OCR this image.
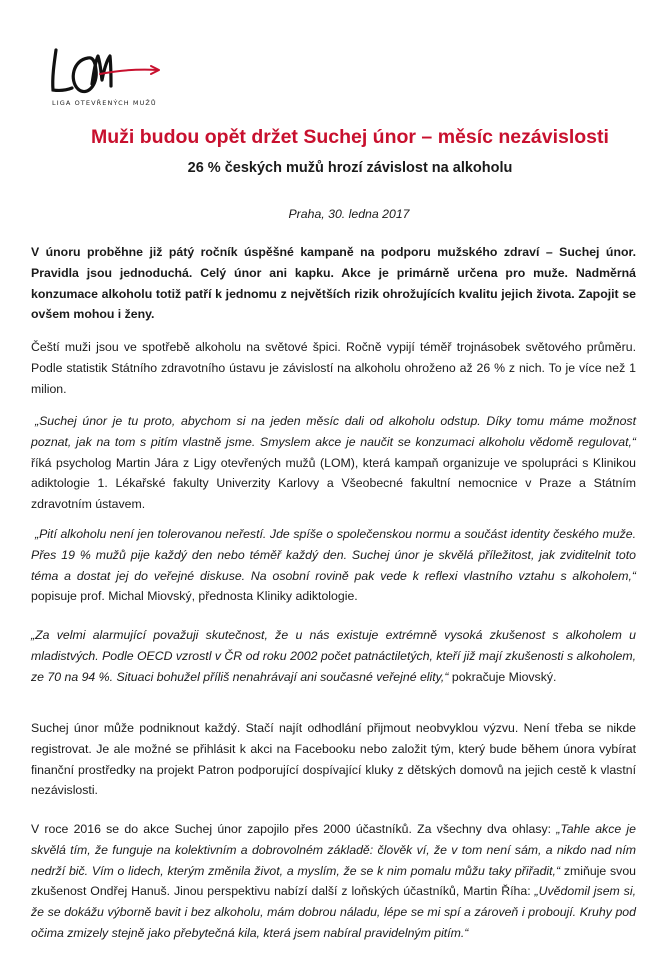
LIGA OTEVŘENÝCH MUŽŮ
Muži budou opět držet Suchej únor – měsíc nezávislosti
26 % českých mužů hrozí závislost na alkoholu
Praha, 30. ledna 2017

V únoru proběhne již pátý ročník úspěšné kampaně na podporu mužského zdraví – Suchej únor. Pravidla jsou jednoduchá. Celý únor ani kapku. Akce je primárně určena pro muže. Nadměrná konzumace alkoholu totiž patří k jednomu z největších rizik ohrožujících kvalitu jejich života. Zapojit se ovšem mohou i ženy.

Čeští muži jsou ve spotřebě alkoholu na světové špici. Ročně vypijí téměř trojnásobek světového průměru. Podle statistik Státního zdravotního ústavu je závislostí na alkoholu ohroženo až 26 % z nich. To je více než 1 milion.

„Suchej únor je tu proto, abychom si na jeden měsíc dali od alkoholu odstup. Díky tomu máme možnost poznat, jak na tom s pitím vlastně jsme. Smyslem akce je naučit se konzumaci alkoholu vědomě regulovat,“ říká psycholog Martin Jára z Ligy otevřených mužů (LOM), která kampaň organizuje ve spolupráci s Klinikou adiktologie 1. Lékařské fakulty Univerzity Karlovy a Všeobecné fakultní nemocnice v Praze a Státním zdravotním ústavem.

„Pití alkoholu není jen tolerovanou neřestí. Jde spíše o společenskou normu a součást identity českého muže. Přes 19 % mužů pije každý den nebo téměř každý den. Suchej únor je skvělá příležitost, jak zviditelnit toto téma a dostat jej do veřejné diskuse. Na osobní rovině pak vede k reflexi vlastního vztahu s alkoholem,“ popisuje prof. Michal Miovský, přednosta Kliniky adiktologie.

„Za velmi alarmující považuji skutečnost, že u nás existuje extrémně vysoká zkušenost s alkoholem u mladistvých. Podle OECD vzrostl v ČR od roku 2002 počet patnáctiletých, kteří již mají zkušenosti s alkoholem, ze 70 na 94 %. Situaci bohužel příliš nenahrávají ani současné veřejné elity,“ pokračuje Miovský.

Suchej únor může podniknout každý. Stačí najít odhodlání přijmout neobvyklou výzvu. Není třeba se nikde registrovat. Je ale možné se přihlásit k akci na Facebooku nebo založit tým, který bude během února vybírat finanční prostředky na projekt Patron podporující dospívající kluky z dětských domovů na jejich cestě k vlastní nezávislosti.

V roce 2016 se do akce Suchej únor zapojilo přes 2000 účastníků. Za všechny dva ohlasy: „Tahle akce je skvělá tím, že funguje na kolektivním a dobrovolném základě: člověk ví, že v tom není sám, a nikdo nad ním nedrží bič. Vím o lidech, kterým změnila život, a myslím, že se k nim pomalu můžu taky přiřadit,“ zmiňuje svou zkušenost Ondřej Hanuš. Jinou perspektivu nabízí další z loňských účastníků, Martin Říha: „Uvědomil jsem si, že se dokážu výborně bavit i bez alkoholu, mám dobrou náladu, lépe se mi spí a zároveň i proboují. Kruhy pod očima zmizely stejně jako přebytečná kila, která jsem nabíral pravidelným pitím.“
